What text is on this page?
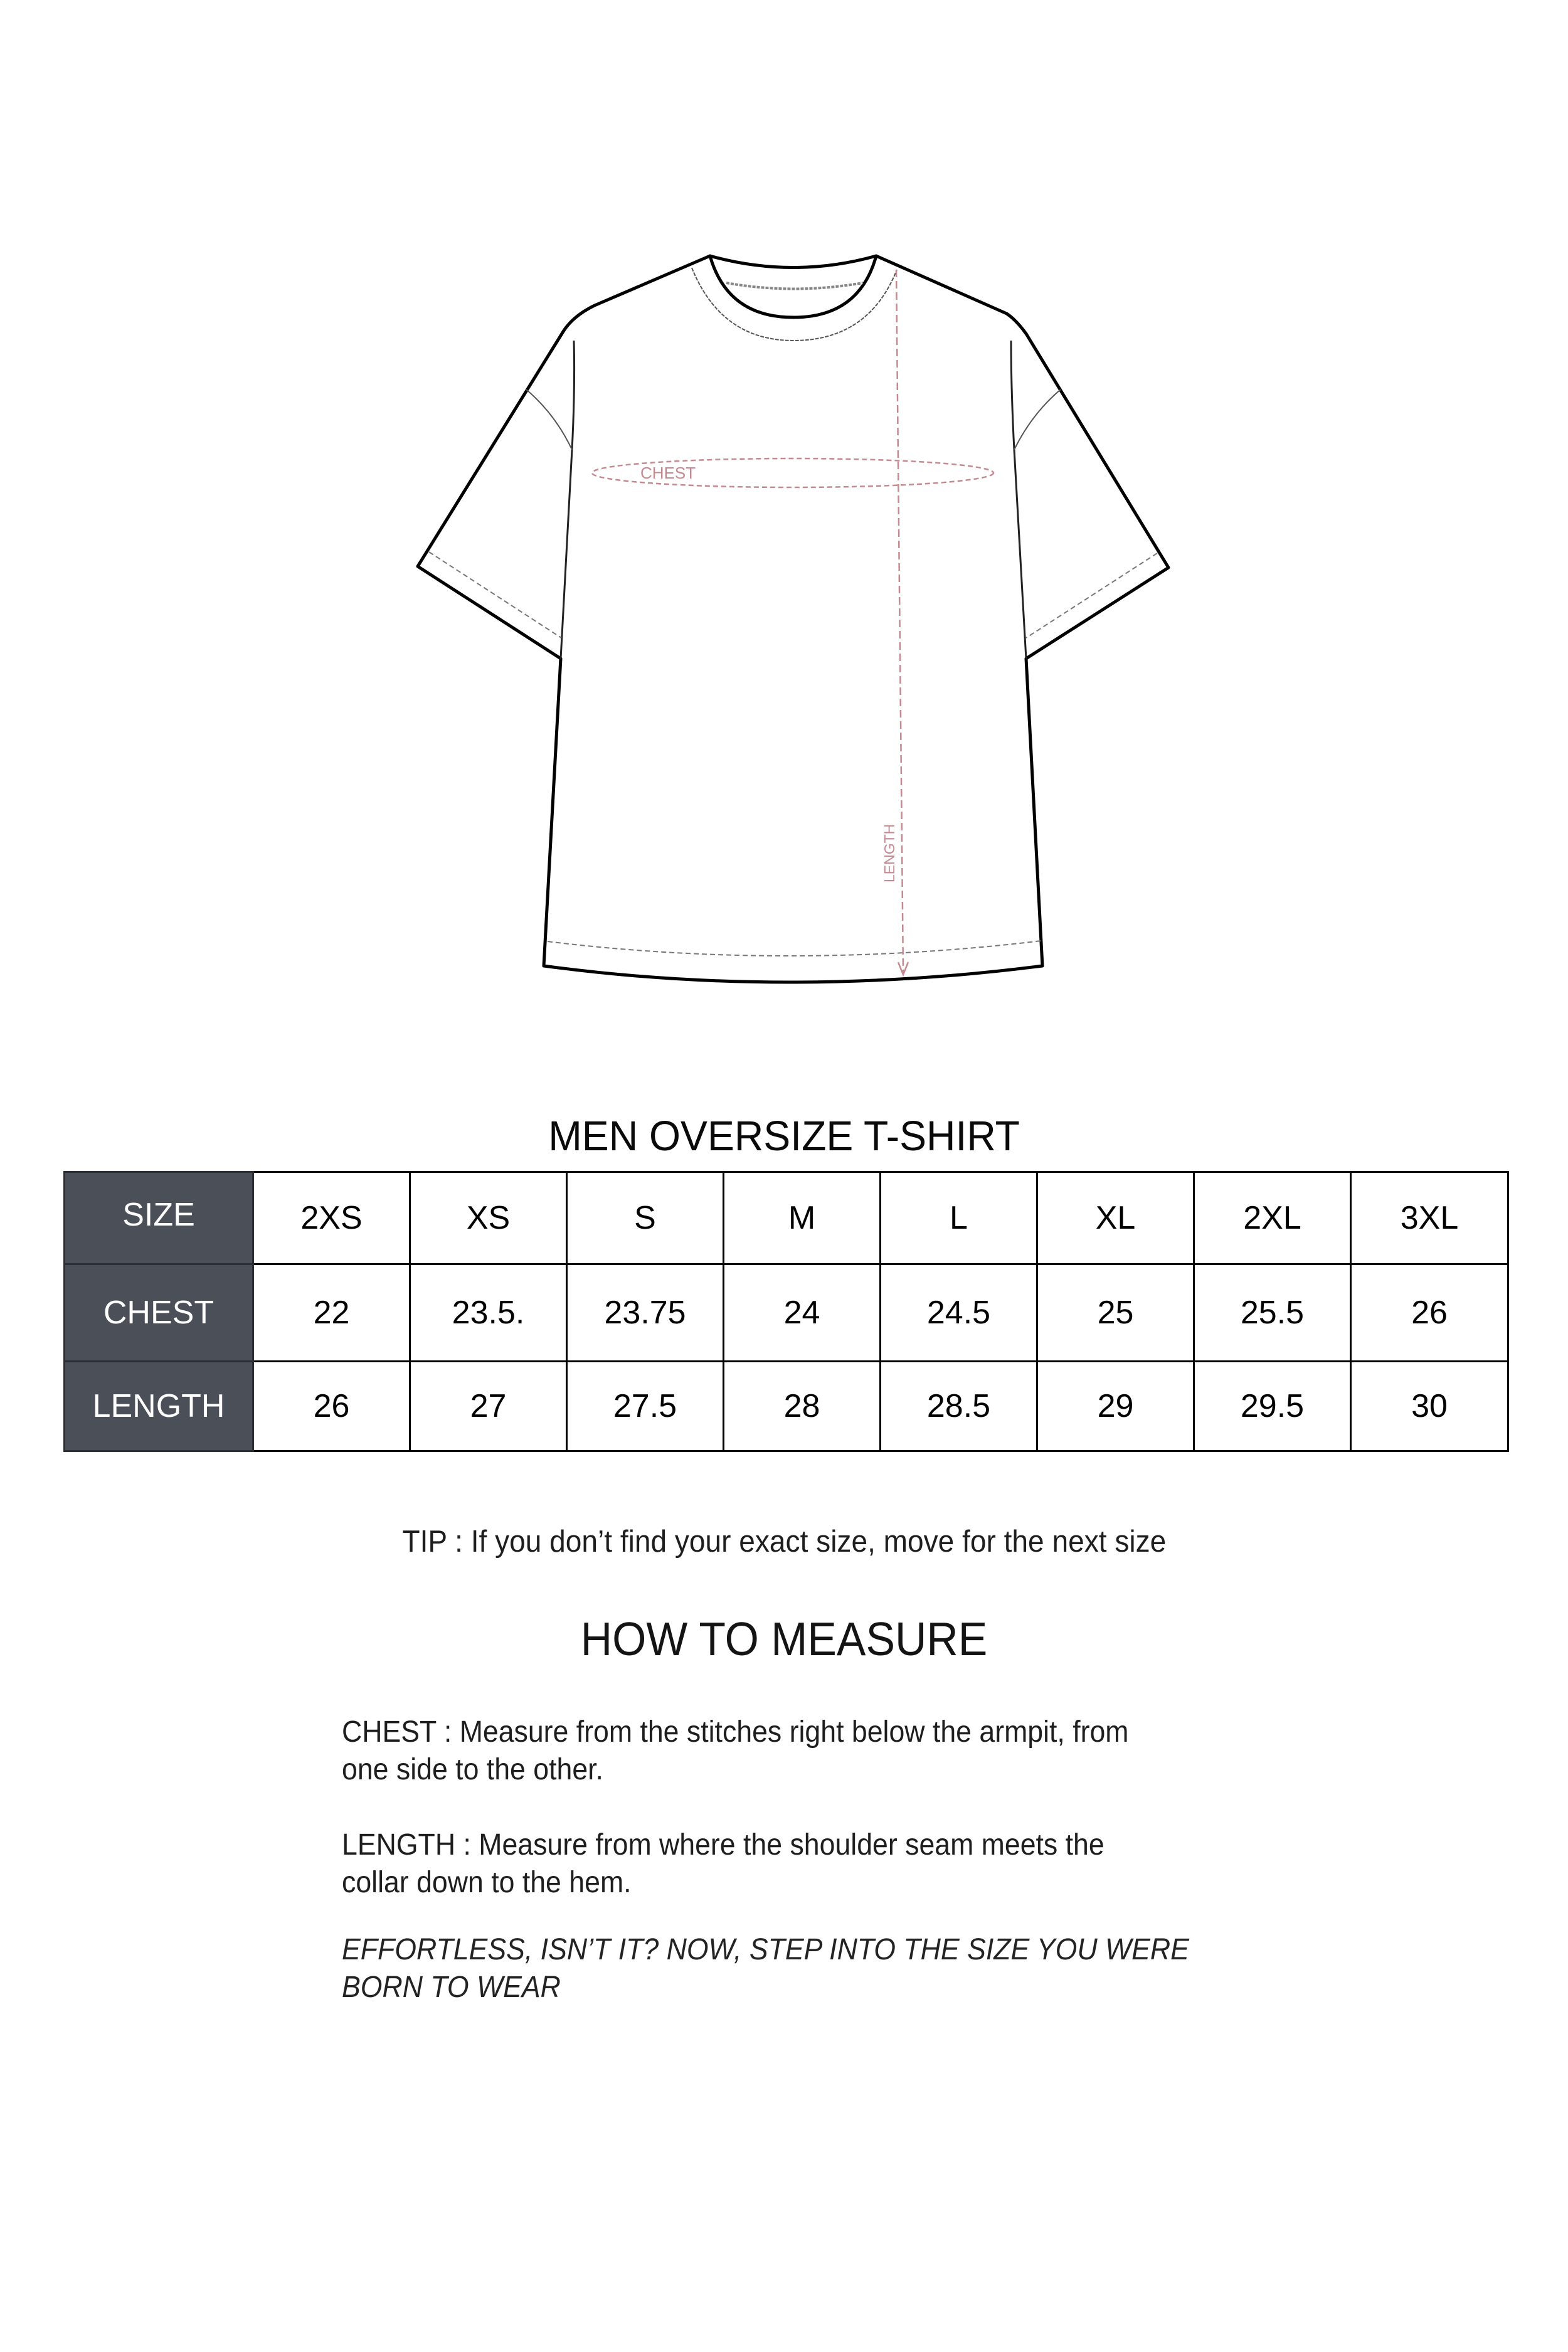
CHEST
LENGTH
MEN OVERSIZE T-SHIRT
SIZE	2XS	XS	S	M	L	XL	2XL	3XL
CHEST	22	23.5.	23.75	24	24.5	25	25.5	26
LENGTH	26	27	27.5	28	28.5	29	29.5	30
TIP : If you don’t find your exact size, move for the next size
HOW TO MEASURE
CHEST : Measure from the stitches right below the armpit, from
one side to the other.
LENGTH : Measure from where the shoulder seam meets the
collar down to the hem.
EFFORTLESS, ISN’T IT? NOW, STEP INTO THE SIZE YOU WERE
BORN TO WEAR
